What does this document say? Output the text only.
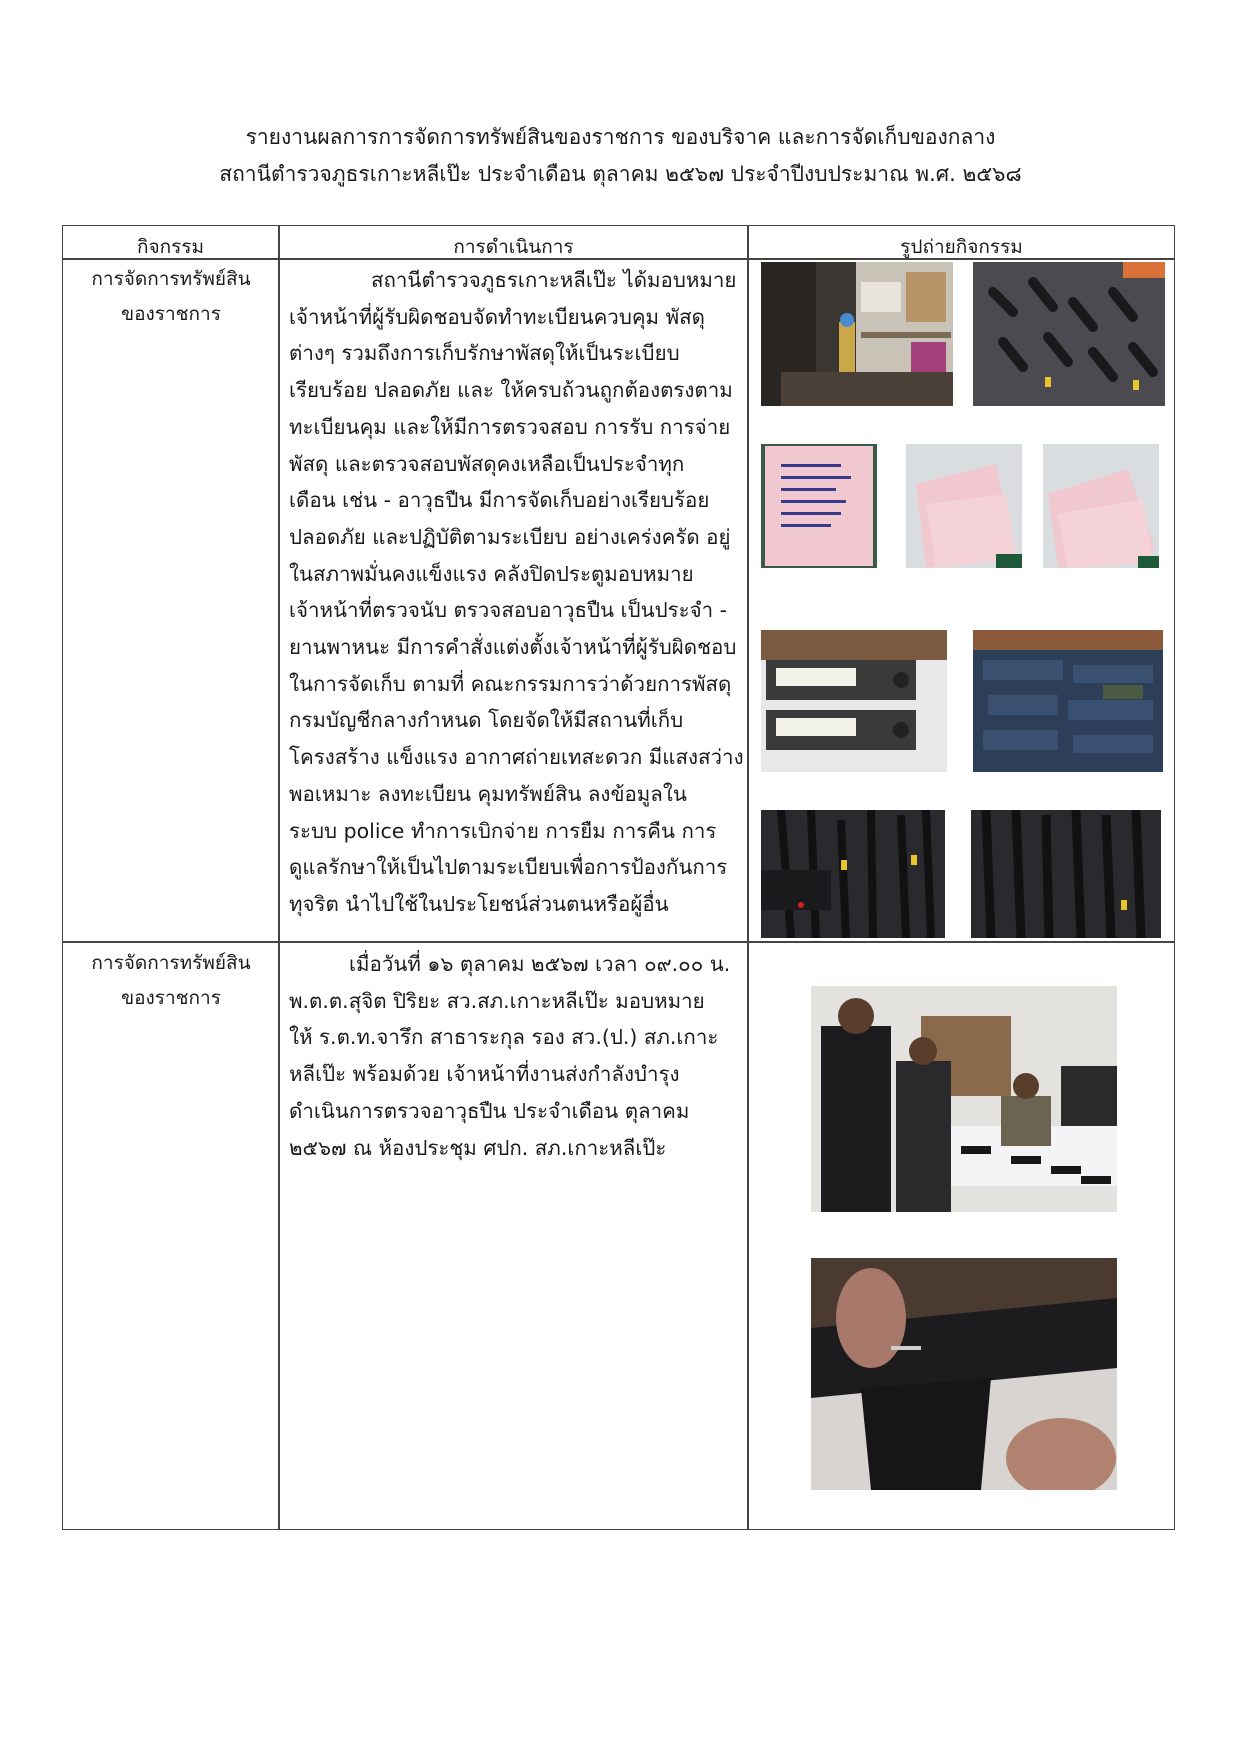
รายงานผลการการจัดการทรัพย์สินของราชการ ของบริจาค และการจัดเก็บของกลาง
สถานีตำรวจภูธรเกาะหลีเป๊ะ ประจำเดือน ตุลาคม ๒๕๖๗ ประจำปีงบประมาณ พ.ศ. ๒๕๖๘
กิจกรรม	การดำเนินการ	รูปถ่ายกิจกรรม
การจัดการทรัพย์สิน
ของราชการ
สถานีตำรวจภูธรเกาะหลีเป๊ะ ได้มอบหมาย
เจ้าหน้าที่ผู้รับผิดชอบจัดทำทะเบียนควบคุม พัสดุ
ต่างๆ รวมถึงการเก็บรักษาพัสดุให้เป็นระเบียบ
เรียบร้อย ปลอดภัย และ ให้ครบถ้วนถูกต้องตรงตาม
ทะเบียนคุม และให้มีการตรวจสอบ การรับ การจ่าย
พัสดุ และตรวจสอบพัสดุคงเหลือเป็นประจำทุก
เดือน เช่น - อาวุธปืน มีการจัดเก็บอย่างเรียบร้อย
ปลอดภัย และปฏิบัติตามระเบียบ อย่างเคร่งครัด อยู่
ในสภาพมั่นคงแข็งแรง คลังปิดประตูมอบหมาย
เจ้าหน้าที่ตรวจนับ ตรวจสอบอาวุธปืน เป็นประจำ -
ยานพาหนะ มีการคำสั่งแต่งตั้งเจ้าหน้าที่ผู้รับผิดชอบ
ในการจัดเก็บ ตามที่ คณะกรรมการว่าด้วยการพัสดุ
กรมบัญชีกลางกำหนด โดยจัดให้มีสถานที่เก็บ
โครงสร้าง แข็งแรง อากาศถ่ายเทสะดวก มีแสงสว่าง
พอเหมาะ ลงทะเบียน คุมทรัพย์สิน ลงข้อมูลใน
ระบบ police ทำการเบิกจ่าย การยืม การคืน การ
ดูแลรักษาให้เป็นไปตามระเบียบเพื่อการป้องกันการ
ทุจริต นำไปใช้ในประโยชน์ส่วนตนหรือผู้อื่น
การจัดการทรัพย์สิน
ของราชการ
เมื่อวันที่ ๑๖ ตุลาคม ๒๕๖๗ เวลา ๐๙.๐๐ น.
พ.ต.ต.สุจิต ปิริยะ สว.สภ.เกาะหลีเป๊ะ มอบหมาย
ให้ ร.ต.ท.จารึก สาธาระกุล รอง สว.(ป.) สภ.เกาะ
หลีเป๊ะ พร้อมด้วย เจ้าหน้าที่งานส่งกำลังบำรุง
ดำเนินการตรวจอาวุธปืน ประจำเดือน ตุลาคม
๒๕๖๗ ณ ห้องประชุม ศปก. สภ.เกาะหลีเป๊ะ
